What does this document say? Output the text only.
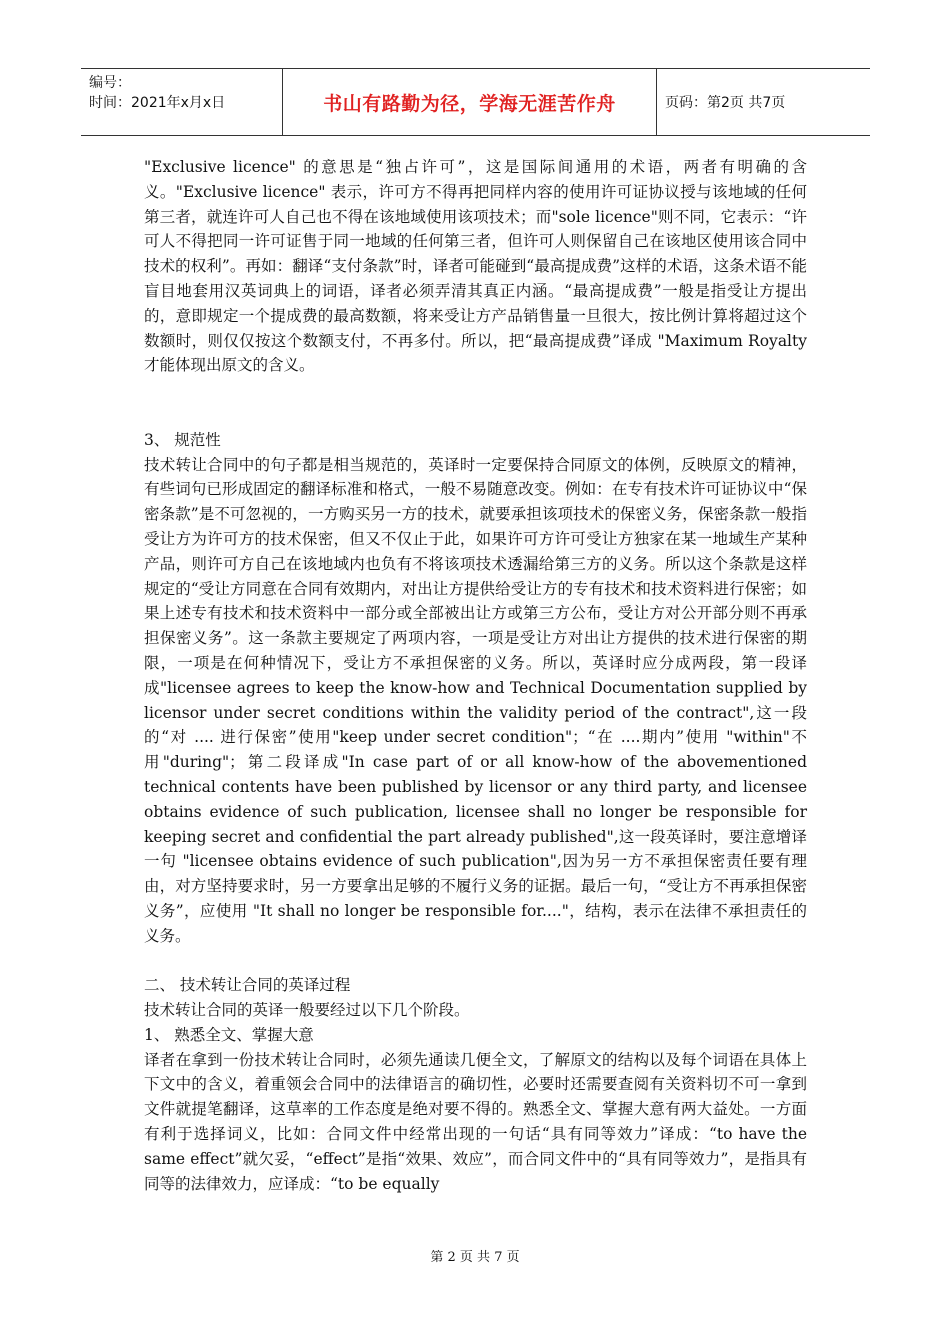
编号：
时间：2021年x月x日	书山有路勤为径，学海无涯苦作舟	页码：第2页 共7页

"Exclusive licence" 的意思是“独占许可”，这是国际间通用的术语，两者有明确的含义。"Exclusive licence" 表示，许可方不得再把同样内容的使用许可证协议授与该地域的任何第三者，就连许可人自己也不得在该地域使用该项技术；而"sole licence"则不同，它表示：“许可人不得把同一许可证售于同一地域的任何第三者，但许可人则保留自己在该地区使用该合同中技术的权利”。再如：翻译“支付条款”时，译者可能碰到“最高提成费”这样的术语，这条术语不能盲目地套用汉英词典上的词语，译者必须弄清其真正内涵。“最高提成费”一般是指受让方提出的，意即规定一个提成费的最高数额，将来受让方产品销售量一旦很大，按比例计算将超过这个数额时，则仅仅按这个数额支付，不再多付。所以，把“最高提成费”译成 "Maximum Royalty 才能体现出原文的含义。

3、 规范性

技术转让合同中的句子都是相当规范的，英译时一定要保持合同原文的体例，反映原文的精神，有些词句已形成固定的翻译标准和格式，一般不易随意改变。例如：在专有技术许可证协议中“保密条款”是不可忽视的，一方购买另一方的技术，就要承担该项技术的保密义务，保密条款一般指受让方为许可方的技术保密，但又不仅止于此，如果许可方许可受让方独家在某一地域生产某种产品，则许可方自己在该地域内也负有不将该项技术透漏给第三方的义务。所以这个条款是这样规定的“受让方同意在合同有效期内，对出让方提供给受让方的专有技术和技术资料进行保密；如果上述专有技术和技术资料中一部分或全部被出让方或第三方公布，受让方对公开部分则不再承担保密义务”。这一条款主要规定了两项内容，一项是受让方对出让方提供的技术进行保密的期限，一项是在何种情况下，受让方不承担保密的义务。所以，英译时应分成两段，第一段译成"licensee agrees to keep the know-how and Technical Documentation supplied by licensor under secret conditions within the validity period of the contract",这一段的“对 .... 进行保密”使用"keep under secret condition"；“在 ....期内”使用 "within"不用"during"；第二段译成"In case part of or all know-how of the abovementioned technical contents have been published by licensor or any third party, and licensee obtains evidence of such publication, licensee shall no longer be responsible for keeping secret and confidential the part already published",这一段英译时，要注意增译一句 "licensee obtains evidence of such publication",因为另一方不承担保密责任要有理由，对方坚持要求时，另一方要拿出足够的不履行义务的证据。最后一句，“受让方不再承担保密义务”，应使用 "It shall no longer be responsible for...."，结构，表示在法律不承担责任的义务。

二、 技术转让合同的英译过程

技术转让合同的英译一般要经过以下几个阶段。

1、 熟悉全文、掌握大意

译者在拿到一份技术转让合同时，必须先通读几便全文，了解原文的结构以及每个词语在具体上下文中的含义，着重领会合同中的法律语言的确切性，必要时还需要查阅有关资料切不可一拿到文件就提笔翻译，这草率的工作态度是绝对要不得的。熟悉全文、掌握大意有两大益处。一方面有利于选择词义，比如：合同文件中经常出现的一句话“具有同等效力”译成：“to have the same effect”就欠妥，“effect”是指“效果、效应”，而合同文件中的“具有同等效力”，是指具有同等的法律效力，应译成：“to be equally

第 2 页 共 7 页
